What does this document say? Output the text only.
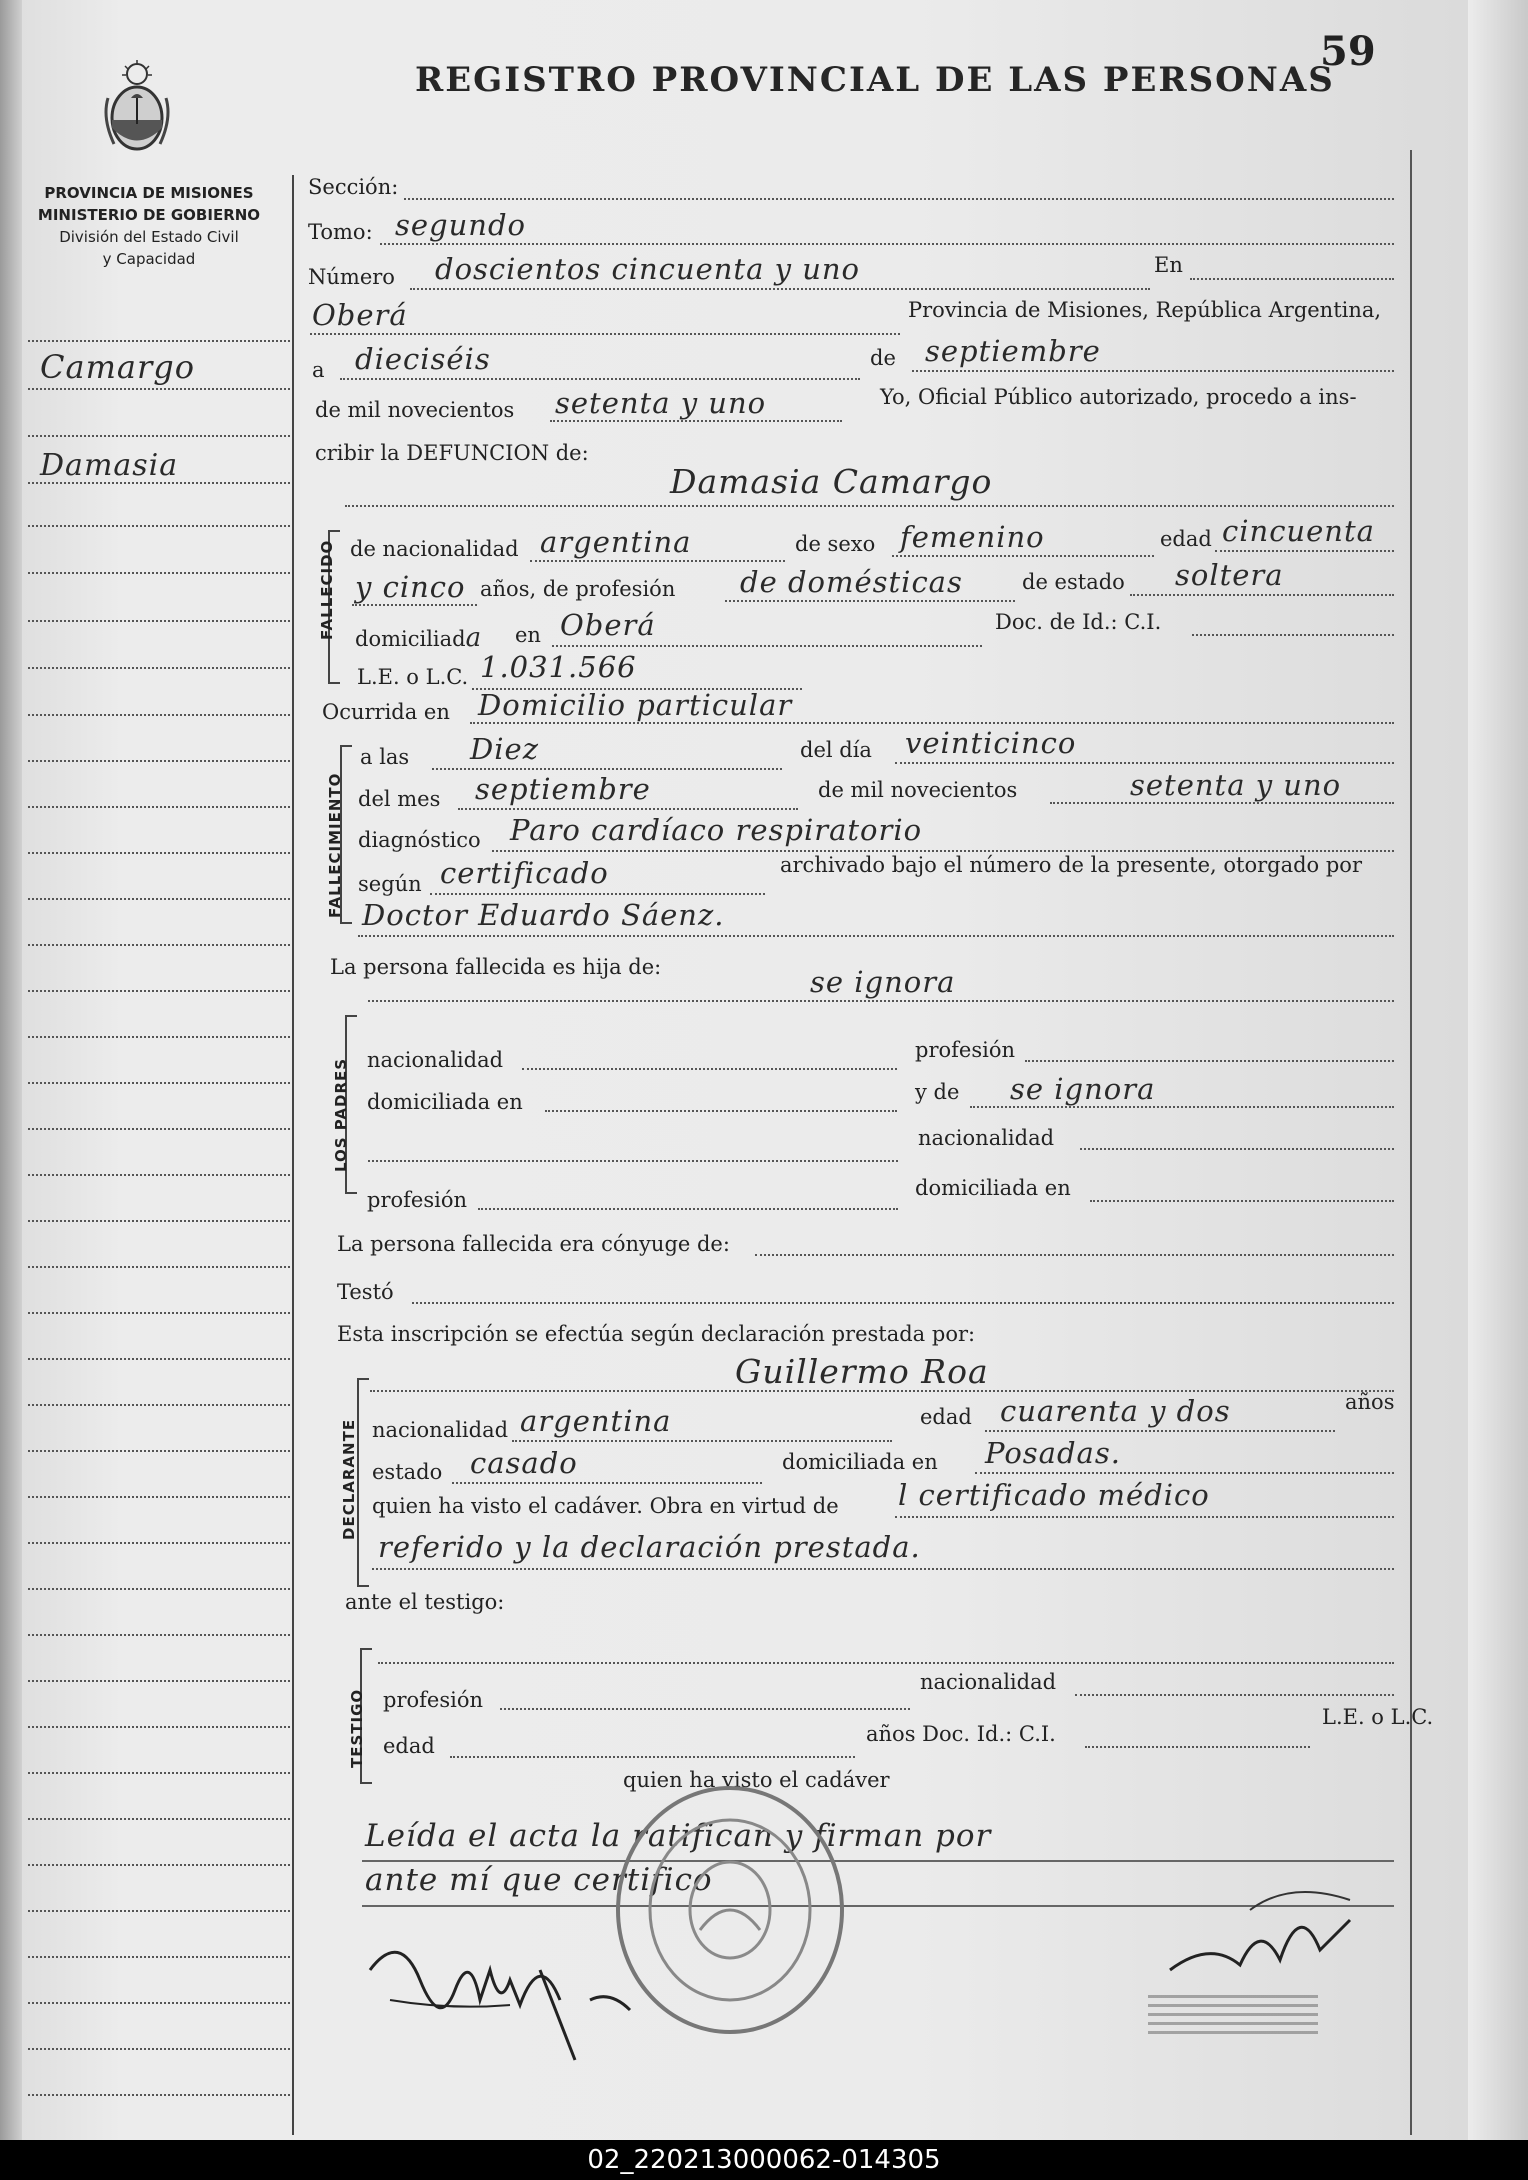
REGISTRO PROVINCIAL DE LAS PERSONAS
59
PROVINCIA DE MISIONES
MINISTERIO DE GOBIERNO
División del Estado Civil
y Capacidad
Camargo
Damasia
Sección:
Tomo: segundo
Número doscientos cincuenta y uno	En
Oberá	Provincia de Misiones, República Argentina,
a dieciséis	de septiembre
de mil novecientos setenta y uno	Yo, Oficial Público autorizado, procedo a ins-
cribir la DEFUNCION de:
FALLECIDO
Damasia Camargo
de nacionalidad argentina	de sexo femenino	edad cincuenta
y cinco años, de profesión de domésticas	de estado soltera
domiciliada en Oberá	Doc. de Id.: C.I.
L.E. o L.C. 1.031.566
Ocurrida en Domicilio particular
FALLECIMIENTO
a las Diez	del día veinticinco
del mes septiembre	de mil novecientos	setenta y uno
diagnóstico Paro cardíaco respiratorio
según certificado	archivado bajo el número de la presente, otorgado por
Doctor Eduardo Sáenz.
La persona fallecida es hija de:	se ignora
LOS PADRES nacionalidad	profesión
domiciliada en	y de se ignora
nacionalidad
profesión	domiciliada en
La persona fallecida era cónyuge de:
Testó
Esta inscripción se efectúa según declaración prestada por:
Guillermo Roa
DECLARANTE nacionalidad argentina	edad cuarenta y dos	años
estado casado	domiciliada en Posadas.
quien ha visto el cadáver. Obra en virtud de l certificado médico
referido y la declaración prestada.
ante el testigo:
TESTIGO profesión
nacionalidad
edad	años Doc. Id.: C.I.
L.E. o L.C.
quien ha visto el cadáver
Leída el acta la ratifican y firman por
ante mí que certifico
02_220213000062-014305
